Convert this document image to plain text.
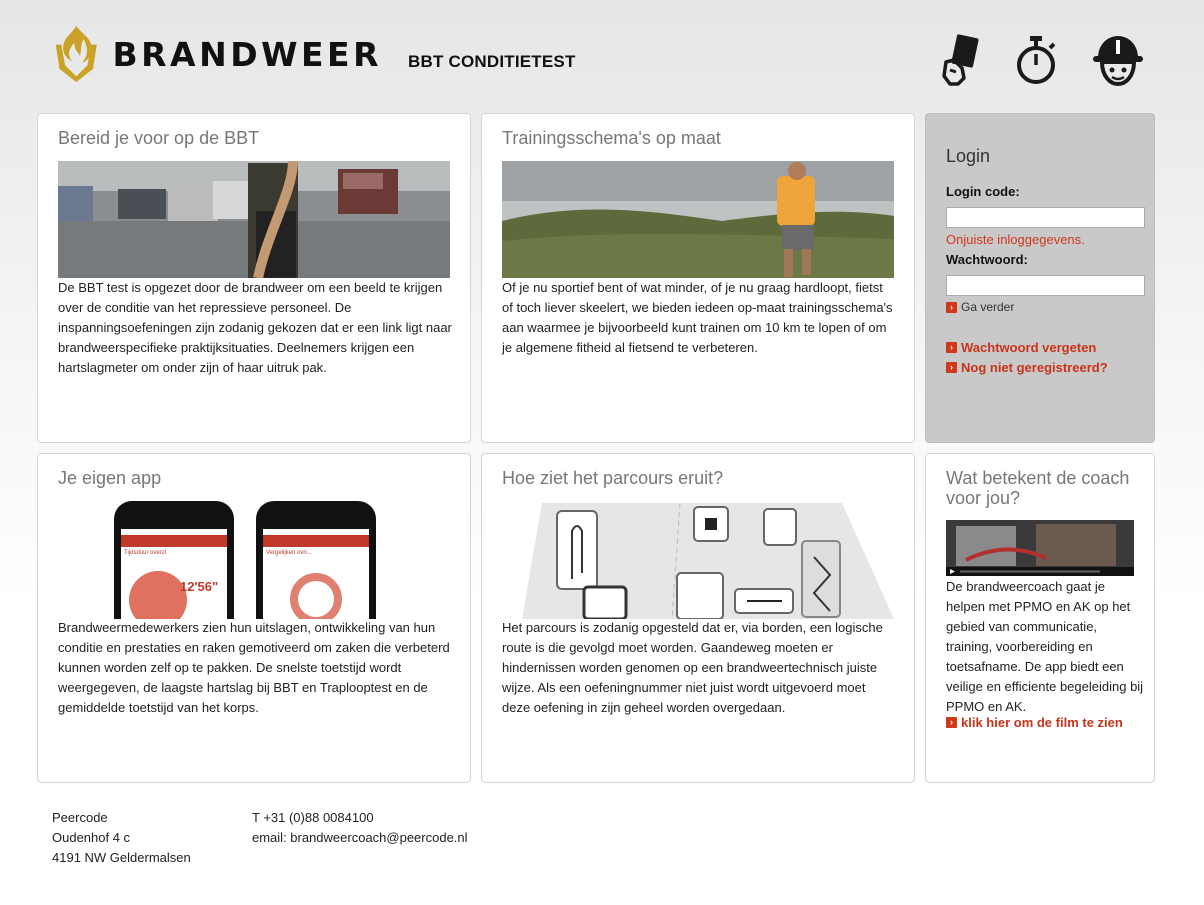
BRANDWEER BBT CONDITIETEST
Bereid je voor op de BBT

De BBT test is opgezet door de brandweer om een beeld te krijgen over de conditie van het repressieve personeel. De inspanningsoefeningen zijn zodanig gekozen dat er een link ligt naar brandweerspecifieke praktijksituaties. Deelnemers krijgen een hartslagmeter om onder zijn of haar uitruk pak.

Trainingsschema's op maat

Of je nu sportief bent of wat minder, of je nu graag hardloopt, fietst of toch liever skeelert, we bieden iedeen op-maat trainingsschema's aan waarmee je bijvoorbeeld kunt trainen om 10 km te lopen of om je algemene fitheid al fietsend te verbeteren.

Login
Login code:
Onjuiste inloggegevens.
Wachtwoord:
› Ga verder
› Wachtwoord vergeten
› Nog niet geregistreerd?
Je eigen app
Tijdsduur overzi
12'56"
Vergelijken ovri...

Brandweermedewerkers zien hun uitslagen, ontwikkeling van hun conditie en prestaties en raken gemotiveerd om zaken die verbeterd kunnen worden zelf op te pakken. De snelste toetstijd wordt weergegeven, de laagste hartslag bij BBT en Traplooptest en de gemiddelde toetstijd van het korps.

Hoe ziet het parcours eruit?

Het parcours is zodanig opgesteld dat er, via borden, een logische route is die gevolgd moet worden. Gaandeweg moeten er hindernissen worden genomen op een brandweertechnisch juiste wijze. Als een oefeningnummer niet juist wordt uitgevoerd moet deze oefening in zijn geheel worden overgedaan.

Wat betekent de coach voor jou?

De brandweercoach gaat je helpen met PPMO en AK op het gebied van communicatie, training, voorbereiding en toetsafname. De app biedt een veilige en efficiente begeleiding bij PPMO en AK.

› klik hier om de film te zien
Peercode
Oudenhof 4 c
4191 NW Geldermalsen
T +31 (0)88 0084100
email: brandweercoach@peercode.nl
